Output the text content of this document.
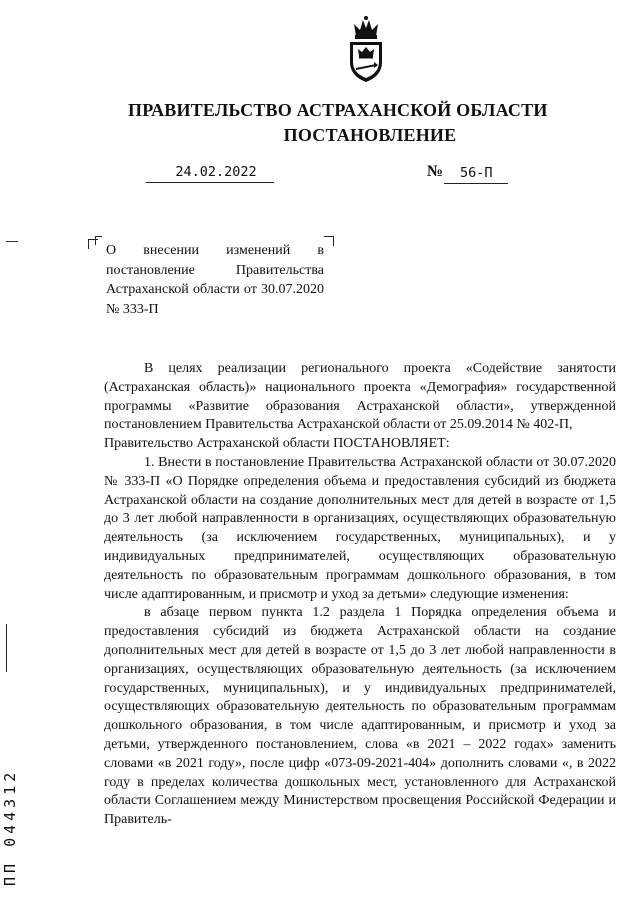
ПРАВИТЕЛЬСТВО АСТРАХАНСКОЙ ОБЛАСТИ
ПОСТАНОВЛЕНИЕ
24.02.2022	№ 56-П

О внесении изменений в постановление Правительства Астраханской области от 30.07.2020 № 333-П

В целях реализации регионального проекта «Содействие занятости (Астраханская область)» национального проекта «Демография» государственной программы «Развитие образования Астраханской области», утвержденной постановлением Правительства Астраханской области от 25.09.2014 № 402-П,

Правительство Астраханской области ПОСТАНОВЛЯЕТ:

1. Внести в постановление Правительства Астраханской области от 30.07.2020 № 333-П «О Порядке определения объема и предоставления субсидий из бюджета Астраханской области на создание дополнительных мест для детей в возрасте от 1,5 до 3 лет любой направленности в организациях, осуществляющих образовательную деятельность (за исключением государственных, муниципальных), и у индивидуальных предпринимателей, осуществляющих образовательную деятельность по образовательным программам дошкольного образования, в том числе адаптированным, и присмотр и уход за детьми» следующие изменения:

в абзаце первом пункта 1.2 раздела 1 Порядка определения объема и предоставления субсидий из бюджета Астраханской области на создание дополнительных мест для детей в возрасте от 1,5 до 3 лет любой направленности в организациях, осуществляющих образовательную деятельность (за исключением государственных, муниципальных), и у индивидуальных предпринимателей, осуществляющих образовательную деятельность по образовательным программам дошкольного образования, в том числе адаптированным, и присмотр и уход за детьми, утвержденного постановлением, слова «в 2021 – 2022 годах» заменить словами «в 2021 году», после цифр «073-09-2021-404» дополнить словами «, в 2022 году в пределах количества дошкольных мест, установленного для Астраханской области Соглашением между Министерством просвещения Российской Федерации и Правитель-

ПП 044312
